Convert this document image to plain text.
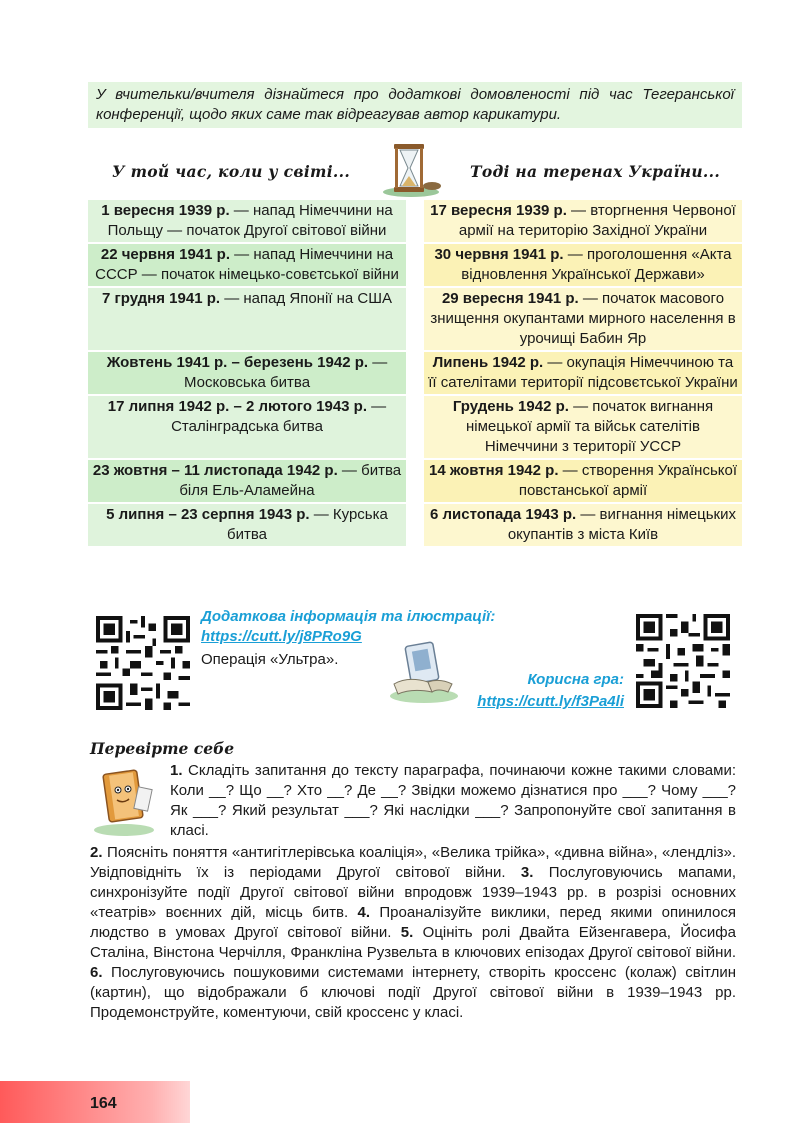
У вчительки/вчителя дізнайтеся про додаткові домовленості під час Тегеранської конференції, щодо яких саме так відреагував автор карикатури.
У той час, коли у світі...	Тоді на теренах України...
1 вересня 1939 р. — напад Німеччини на Польщу — початок Другої світової війни
17 вересня 1939 р. — вторгнення Червоної армії на територію Західної України
22 червня 1941 р. — напад Німеччини на СССР — початок німецько-совєтської війни
30 червня 1941 р. — проголошення «Акта відновлення Української Держави»
7 грудня 1941 р. — напад Японії на США	29 вересня 1941 р. — початок масового знищення окупантами мирного населення в урочищі Бабин Яр
Жовтень 1941 р. – березень 1942 р. — Московська битва
Липень 1942 р. — окупація Німеччиною та її сателітами території підсовєтської України
17 липня 1942 р. – 2 лютого 1943 р. — Сталінградська битва
Грудень 1942 р. — початок вигнання німецької армії та військ сателітів Німеччини з території УССР
23 жовтня – 11 листопада 1942 р. — битва біля Ель-Аламейна
14 жовтня 1942 р. — створення Української повстанської армії
5 липня – 23 серпня 1943 р. — Курська битва
6 листопада 1943 р. — вигнання німецьких окупантів з міста Київ
Додаткова інформація та ілюстрації:
https://cutt.ly/j8PRo9G
Операція «Ультра».
Корисна гра:
https://cutt.ly/f3Pa4li
Перевірте себе
1. Складіть запитання до тексту параграфа, починаючи кожне такими словами: Коли __? Що __? Хто __? Де __? Звідки можемо дізнатися про ___? Чому ___? Як ___? Який результат ___? Які наслідки ___? Запропонуйте свої запитання в класі.
2. Поясніть поняття «антигітлерівська коаліція», «Велика трійка», «дивна війна», «лендліз». Увідповідніть їх із періодами Другої світової війни. 3. Послуговуючись мапами, синхронізуйте події Другої світової війни впродовж 1939–1943 рр. в розрізі основних «театрів» воєнних дій, місць битв. 4. Проаналізуйте виклики, перед якими опинилося людство в умовах Другої світової війни. 5. Оцініть ролі Двайта Ейзенгавера, Йосифа Сталіна, Вінстона Черчілля, Франкліна Рузвельта в ключових епізодах Другої світової війни. 6. Послуговуючись пошуковими системами інтернету, створіть кроссенс (колаж) світлин (картин), що відображали б ключові події Другої світової війни в 1939–1943 рр. Продемонструйте, коментуючи, свій кроссенс у класі.
164
